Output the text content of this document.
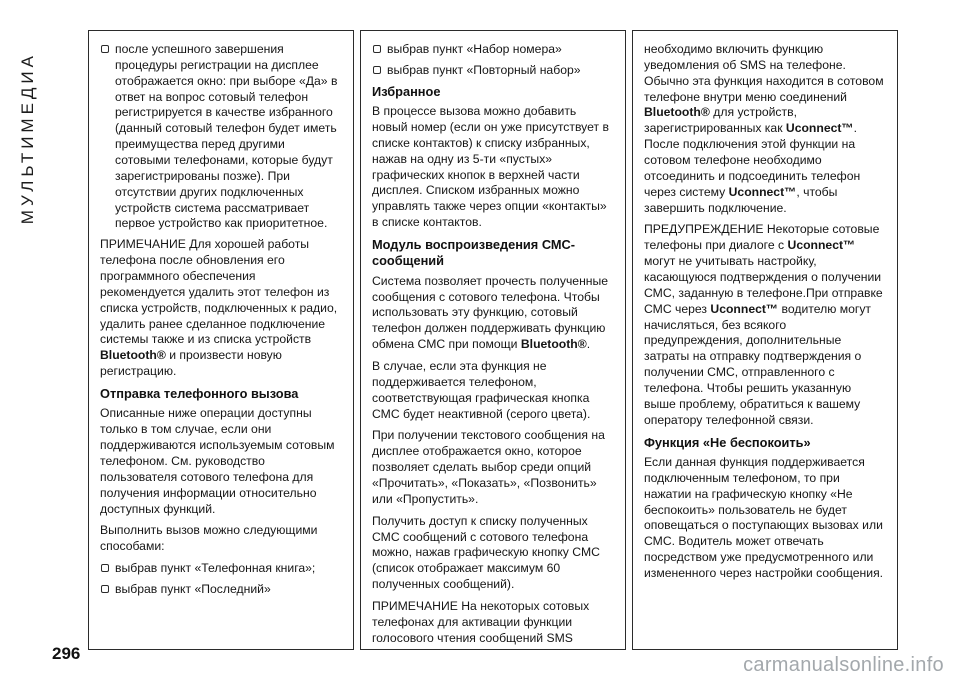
МУЛЬТИМЕДИА
после успешного завершения процедуры регистрации на дисплее отображается окно: при выборе «Да» в ответ на вопрос сотовый телефон регистрируется в качестве избранного (данный сотовый телефон будет иметь преимущества перед другими сотовыми телефонами, которые будут зарегистрированы позже). При отсутствии других подключенных устройств система рассматривает первое устройство как приоритетное.

ПРИМЕЧАНИЕ Для хорошей работы телефона после обновления его программного обеспечения рекомендуется удалить этот телефон из списка устройств, подключенных к радио, удалить ранее сделанное подключение системы также и из списка устройств Bluetooth® и произвести новую регистрацию.

Отправка телефонного вызова

Описанные ниже операции доступны только в том случае, если они поддерживаются используемым сотовым телефоном. См. руководство пользователя сотового телефона для получения информации относительно доступных функций.

Выполнить вызов можно следующими способами:

выбрав пункт «Телефонная книга»;
выбрав пункт «Последний»
выбрав пункт «Набор номера»
выбрав пункт «Повторный набор»
Избранное

В процессе вызова можно добавить новый номер (если он уже присутствует в списке контактов) к списку избранных, нажав на одну из 5-ти «пустых» графических кнопок в верхней части дисплея. Списком избранных можно управлять также через опции «контакты» в списке контактов.

Модуль воспроизведения СМС-сообщений

Система позволяет прочесть полученные сообщения с сотового телефона. Чтобы использовать эту функцию, сотовый телефон должен поддерживать функцию обмена СМС при помощи Bluetooth®.

В случае, если эта функция не поддерживается телефоном, соответствующая графическая кнопка СМС будет неактивной (серого цвета).

При получении текстового сообщения на дисплее отображается окно, которое позволяет сделать выбор среди опций «Прочитать», «Показать», «Позвонить» или «Пропустить».

Получить доступ к списку полученных СМС сообщений с сотового телефона можно, нажав графическую кнопку СМС (список отображает максимум 60 полученных сообщений).

ПРИМЕЧАНИЕ На некоторых сотовых телефонах для активации функции голосового чтения сообщений SMS

необходимо включить функцию уведомления об SMS на телефоне. Обычно эта функция находится в сотовом телефоне внутри меню соединений Bluetooth® для устройств, зарегистрированных как Uconnect™. После подключения этой функции на сотовом телефоне необходимо отсоединить и подсоединить телефон через систему Uconnect™, чтобы завершить подключение.

ПРЕДУПРЕЖДЕНИЕ Некоторые сотовые телефоны при диалоге с Uconnect™ могут не учитывать настройку, касающуюся подтверждения о получении СМС, заданную в телефоне.При отправке СМС через Uconnect™ водителю могут начисляться, без всякого предупреждения, дополнительные затраты на отправку подтверждения о получении СМС, отправленного с телефона. Чтобы решить указанную выше проблему, обратиться к вашему оператору телефонной связи.

Функция «Не беспокоить»

Если данная функция поддерживается подключенным телефоном, то при нажатии на графическую кнопку «Не беспокоить» пользователь не будет оповещаться о поступающих вызовах или СМС. Водитель может отвечать посредством уже предусмотренного или измененного через настройки сообщения.

296
carmanualsonline.info
